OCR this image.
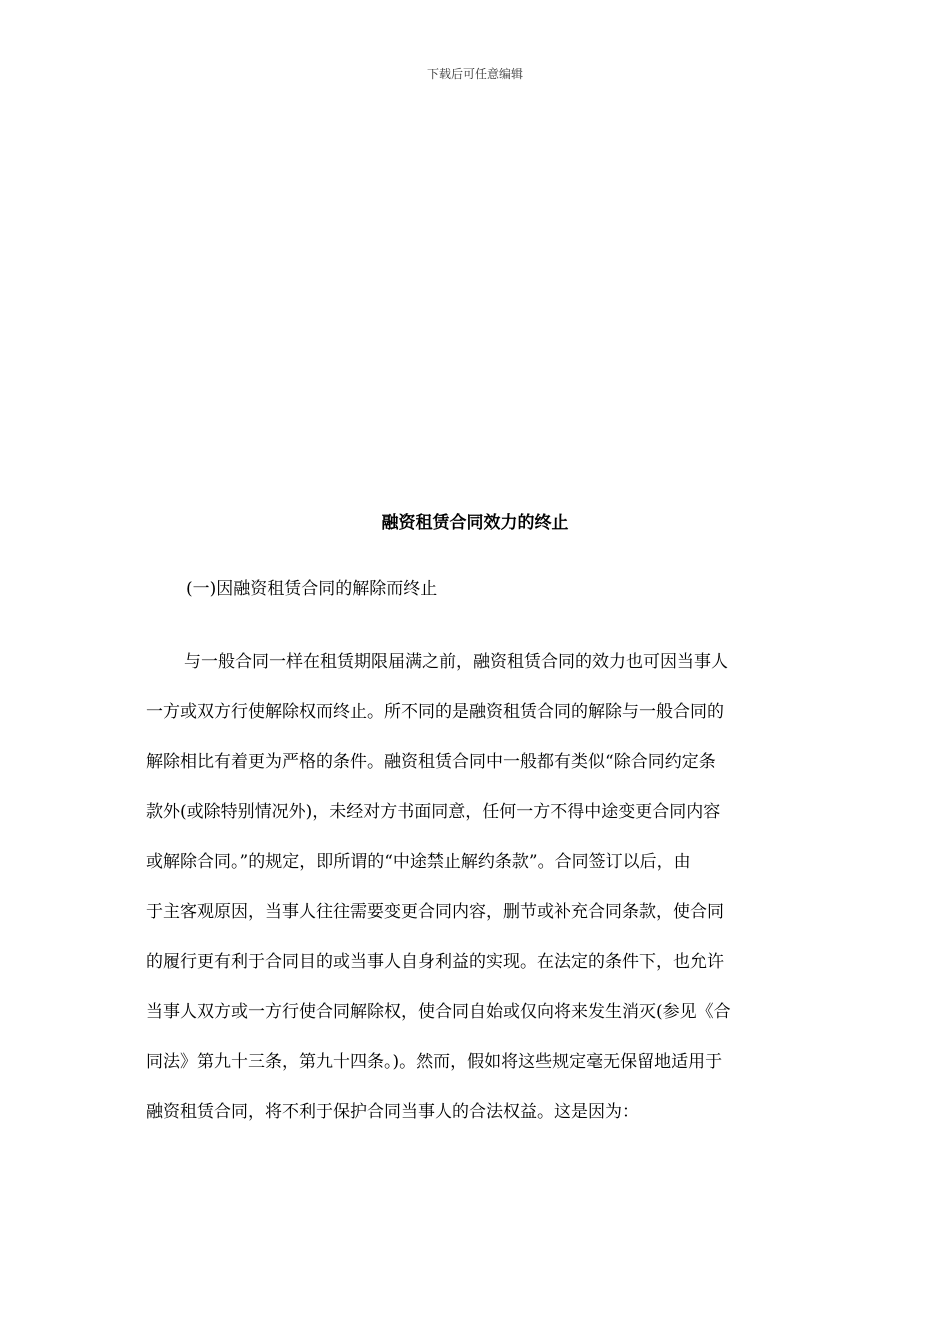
下载后可任意编辑
融资租赁合同效力的终止
(一)因融资租赁合同的解除而终止
与一般合同一样在租赁期限届满之前，融资租赁合同的效力也可因当事人
一方或双方行使解除权而终止。所不同的是融资租赁合同的解除与一般合同的
解除相比有着更为严格的条件。融资租赁合同中一般都有类似“除合同约定条
款外(或除特别情况外)，未经对方书面同意，任何一方不得中途变更合同内容
或解除合同。”的规定，即所谓的“中途禁止解约条款”。合同签订以后，由
于主客观原因，当事人往往需要变更合同内容，删节或补充合同条款，使合同
的履行更有利于合同目的或当事人自身利益的实现。在法定的条件下，也允许
当事人双方或一方行使合同解除权，使合同自始或仅向将来发生消灭(参见《合
同法》第九十三条，第九十四条。)。然而，假如将这些规定毫无保留地适用于
融资租赁合同，将不利于保护合同当事人的合法权益。这是因为：
